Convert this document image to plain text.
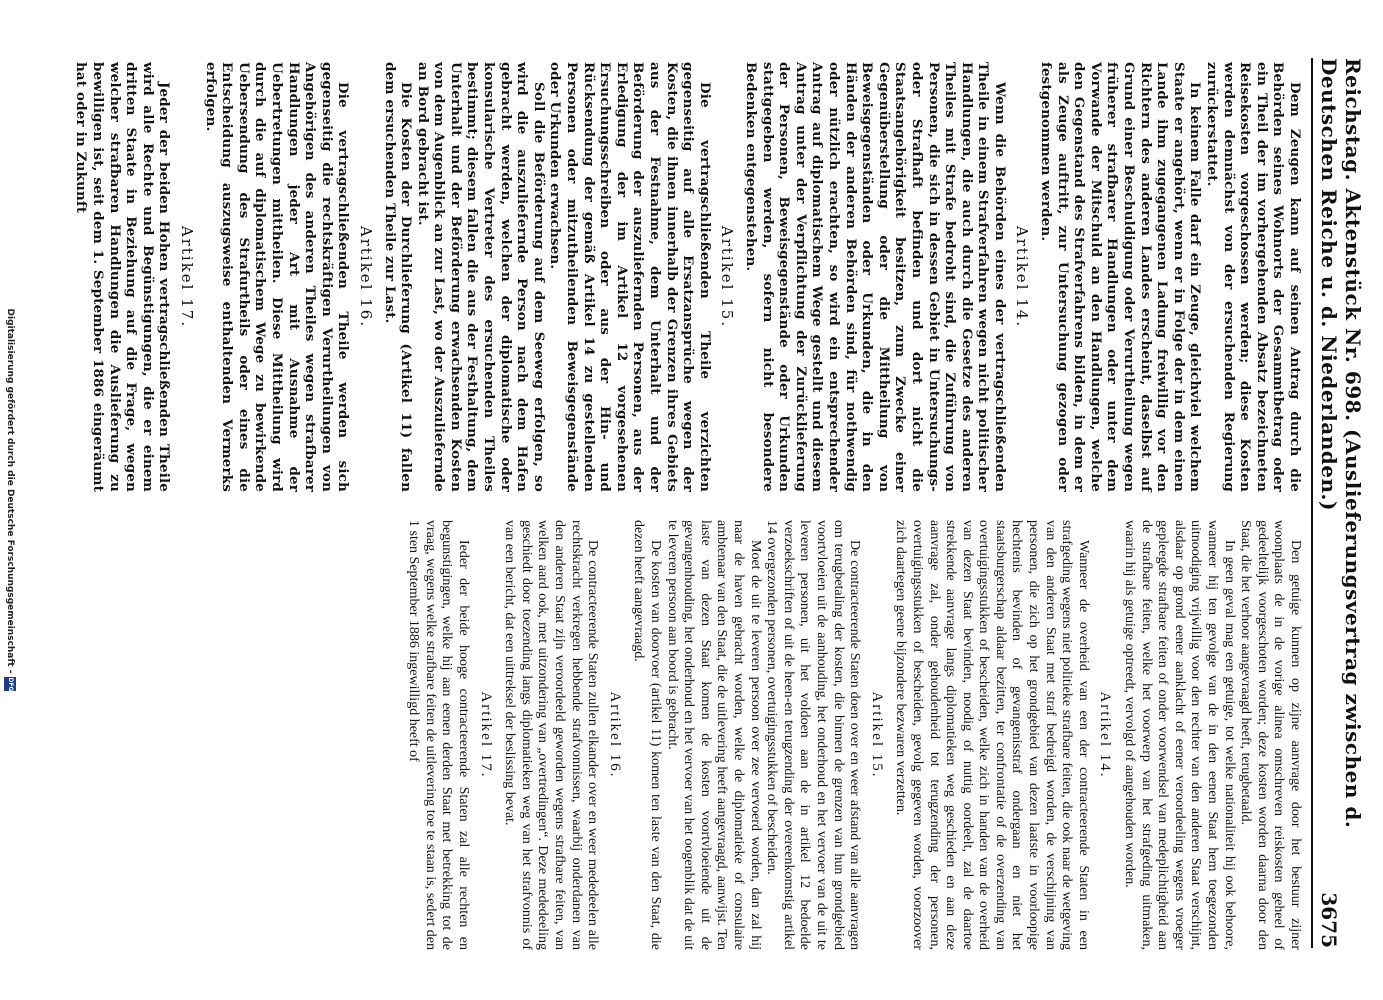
Reichstag. Aktenstück Nr. 698. (Auslieferungsvertrag zwischen d. Deutschen Reiche u. d. Niederlanden.)
3675

Dem Zeugen kann auf seinen Antrag durch die Behörden seines Wohnorts der Gesammtbetrag oder ein Theil der im vorhergehenden Absatz bezeichneten Reisekosten vorgeschossen werden; diese Kosten werden demnächst von der ersuchenden Regierung zurückerstattet.

In keinem Falle darf ein Zeuge, gleichviel welchem Staate er angehört, wenn er in Folge der in dem einen Lande ihm zugegangenen Ladung freiwillig vor den Richtern des anderen Landes erscheint, daselbst auf Grund einer Beschuldigung oder Verurtheilung wegen früherer strafbarer Handlungen oder unter dem Vorwande der Mitschuld an den Handlungen, welche den Gegenstand des Strafverfahrens bilden, in dem er als Zeuge auftritt, zur Untersuchung gezogen oder festgenommen werden.

Artikel 14.

Wenn die Behörden eines der vertragschließenden Theile in einem Strafverfahren wegen nicht politischer Handlungen, die auch durch die Gesetze des anderen Theiles mit Strafe bedroht sind, die Zuführung von Personen, die sich in dessen Gebiet in Untersuchungs- oder Strafhaft befinden und dort nicht die Staatsangehörigkeit besitzen, zum Zwecke einer Gegenüberstellung oder die Mittheilung von Beweisgegenständen oder Urkunden, die in den Händen der anderen Behörden sind, für nothwendig oder nützlich erachten, so wird ein entsprechender Antrag auf diplomatischem Wege gestellt und diesem Antrag unter der Verpflichtung der Zurücklieferung der Personen, Beweisgegenstände oder Urkunden stattgegeben werden, sofern nicht besondere Bedenken entgegenstehen.

Artikel 15.

Die vertragschließenden Theile verzichten gegenseitig auf alle Ersatzansprüche wegen der Kosten, die ihnen innerhalb der Grenzen ihres Gebiets aus der Festnahme, dem Unterhalt und der Beförderung der auszuliefernden Personen, aus der Erledigung der im Artikel 12 vorgesehenen Ersuchungsschreiben oder aus der Hin- und Rücksendung der gemäß Artikel 14 zu gestellenden Personen oder mitzutheilenden Beweisgegenstände oder Urkunden erwachsen.

Soll die Beförderung auf dem Seeweg erfolgen, so wird die auszuliefernde Person nach dem Hafen gebracht werden, welchen der diplomatische oder konsularische Vertreter des ersuchenden Theiles bestimmt; diesem fallen die aus der Festhaltung, dem Unterhalt und der Beförderung erwachsenden Kosten von dem Augenblick an zur Last, wo der Auszuliefernde an Bord gebracht ist.

Die Kosten der Durchlieferung (Artikel 11) fallen dem ersuchenden Theile zur Last.

Artikel 16.

Die vertragschließenden Theile werden sich gegenseitig die rechtskräftigen Verurtheilungen von Angehörigen des anderen Theiles wegen strafbarer Handlungen jeder Art mit Ausnahme der Uebertretungen mittheilen. Diese Mittheilung wird durch die auf diplomatischem Wege zu bewirkende Uebersendung des Strafurtheils oder eines die Entscheidung auszugsweise enthaltenden Vermerks erfolgen.

Artikel 17.

Jeder der beiden Hohen vertragschließenden Theile wird alle Rechte und Begünstigungen, die er einem dritten Staate in Beziehung auf die Frage, wegen welcher strafbaren Handlungen die Auslieferung zu bewilligen ist, seit dem 1. September 1886 eingeräumt hat oder in Zukunft

Den getuige kunnen op zijne aanvrage door het bestuur zijner woonplaats de in de vorige alinea omschreven reiskosten geheel of gedeeltelijk voorgeschoten worden; deze kosten worden daarna door den Staat, die het verhoor aangevraagd heeft, terugbetaald.

In geen geval mag een getuige, tot welke nationaliteit hij ook behoore, wanneer hij ten gevolge van de in den eenen Staat hem toegezonden uitnoodiging vrijwillig voor den rechter van den anderen Staat verschijnt, alsdaar op grond eener aanklacht of eener veroordeeling wegens vroeger gepleegde strafbare feiten of onder voorwendsel van medeplichtigheid aan de strafbare feiten, welke het voorwerp van het strafgeding uitmaken, waarin hij als getuige optreedt, vervolgd of aangehouden worden.

Artikel 14.

Wanneer de overheid van een der contracteerende Staten in een strafgeding wegens niet politieke strafbare feiten, die ook naar de wetgeving van den anderen Staat met straf bedreigd worden, de verschijning van personen, die zich op het grondgebied van dezen laatste in voorloopige hechtenis bevinden of gevangenisstraf ondergaan en niet het staatsburgerschap aldaar bezitten, ter confrontatie of de overzending van overtuigingsstukken of bescheiden, welke zich in handen van de overheid van dezen Staat bevinden, noodig of nuttig oordeelt, zal de daartoe strekkende aanvrage langs diplomatieken weg geschieden en aan deze aanvrage zal, onder gehoudenheid tot terugzending der personen, overtuigingsstukken of bescheiden, gevolg gegeven worden, voorzoover zich daartegen geene bijzondere bezwaren verzetten.

Artikel 15.

De contracteerende Staten doen over en weer afstand van alle aanvragen om terugbetaling der kosten, die binnen de grenzen van hun grondgebied voortvloeien uit de aanhouding, het onderhoud en het vervoer van de uit te leveren personen, uit het voldoen aan de in artikel 12 bedoelde verzoekschriften of uit de heen-en terugzending der overeenkomstig artikel 14 overgezonden personen, overtuigingsstukken of bescheiden.

Moet de uit te leveren persoon over zee vervoerd worden, dan zal hij naar de haven gebracht worden, welke de diplomatieke of consulaire ambtenaar van den Staat, die de uitlevering heeft aangevraagd, aanwijst. Ten laste van dezen Staat komen de kosten voortvloeiende uit de gevangenhouding, het onderhoud en het vervoer van het oogenblik dat de uit te leveren persoon aan boord is gebracht.

De kosten van doorvoer (artikel 11) komen ten laste van den Staat, die dezen heeft aangevraagd.

Artikel 16.

De contracteerende Staten zullen elkander over en weer mededeelen alle rechtskracht verkregen hebbende strafvonnissen, waarbij onderdanen van den anderen Staat zijn veroordeeld geworden wegens strafbare feiten, van welken aard ook, met uitzondering van „overtredingen“. Deze mededeeling geschiedt door toezending langs diplomatieken weg van het strafvonnis of van een bericht, dat een uittreksel der beslissing bevat.

Artikel 17.

Ieder der beide hooge contracteerende Staten zal alle rechten en begunstigingen, welke hij aan eenen derden Staat met betrekking tot de vraag, wegens welke strafbare feiten de uitlevering toe te staan is, sedert den 1 sten September 1886 ingewilligd heeft of

Digitalisierung gefördert durch die Deutsche Forschungsgemeinschaft -
DFG
